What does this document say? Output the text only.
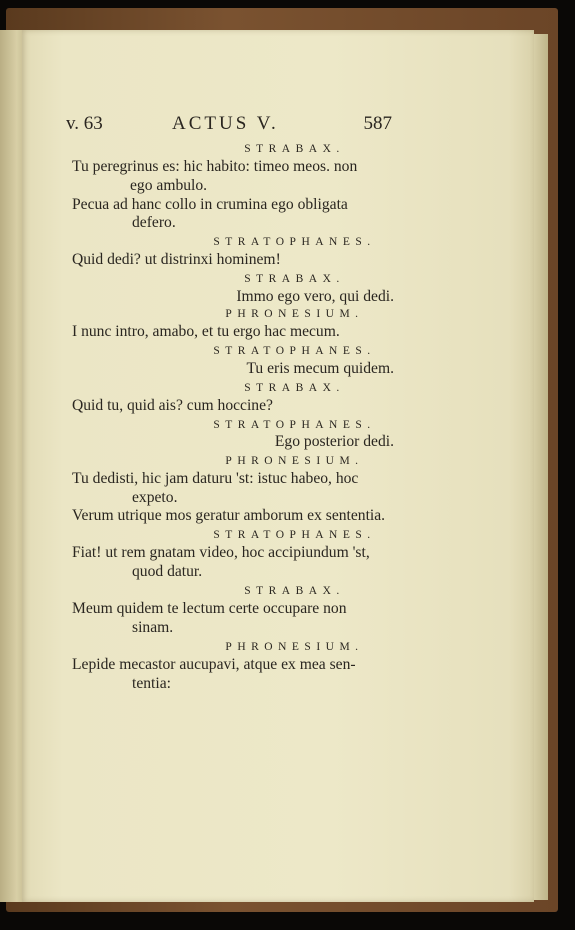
v. 63	ACTUS V.	587
STRABAX.
Tu peregrinus es: hic habito: timeo meos. non
ego ambulo.
Pecua ad hanc collo in crumina ego obligata
defero.
STRATOPHANES.
Quid dedi? ut distrinxi hominem!
STRABAX.
Immo ego vero, qui dedi.
PHRONESIUM.
I nunc intro, amabo, et tu ergo hac mecum.
STRATOPHANES.
Tu eris mecum quidem.
STRABAX.
Quid tu, quid ais? cum hoccine?
STRATOPHANES.
Ego posterior dedi.
PHRONESIUM.
Tu dedisti, hic jam daturu 'st: istuc habeo, hoc
expeto.
Verum utrique mos geratur amborum ex sententia.
STRATOPHANES.
Fiat! ut rem gnatam video, hoc accipiundum 'st,
quod datur.
STRABAX.
Meum quidem te lectum certe occupare non
sinam.
PHRONESIUM.
Lepide mecastor aucupavi, atque ex mea sen-
tentia:
